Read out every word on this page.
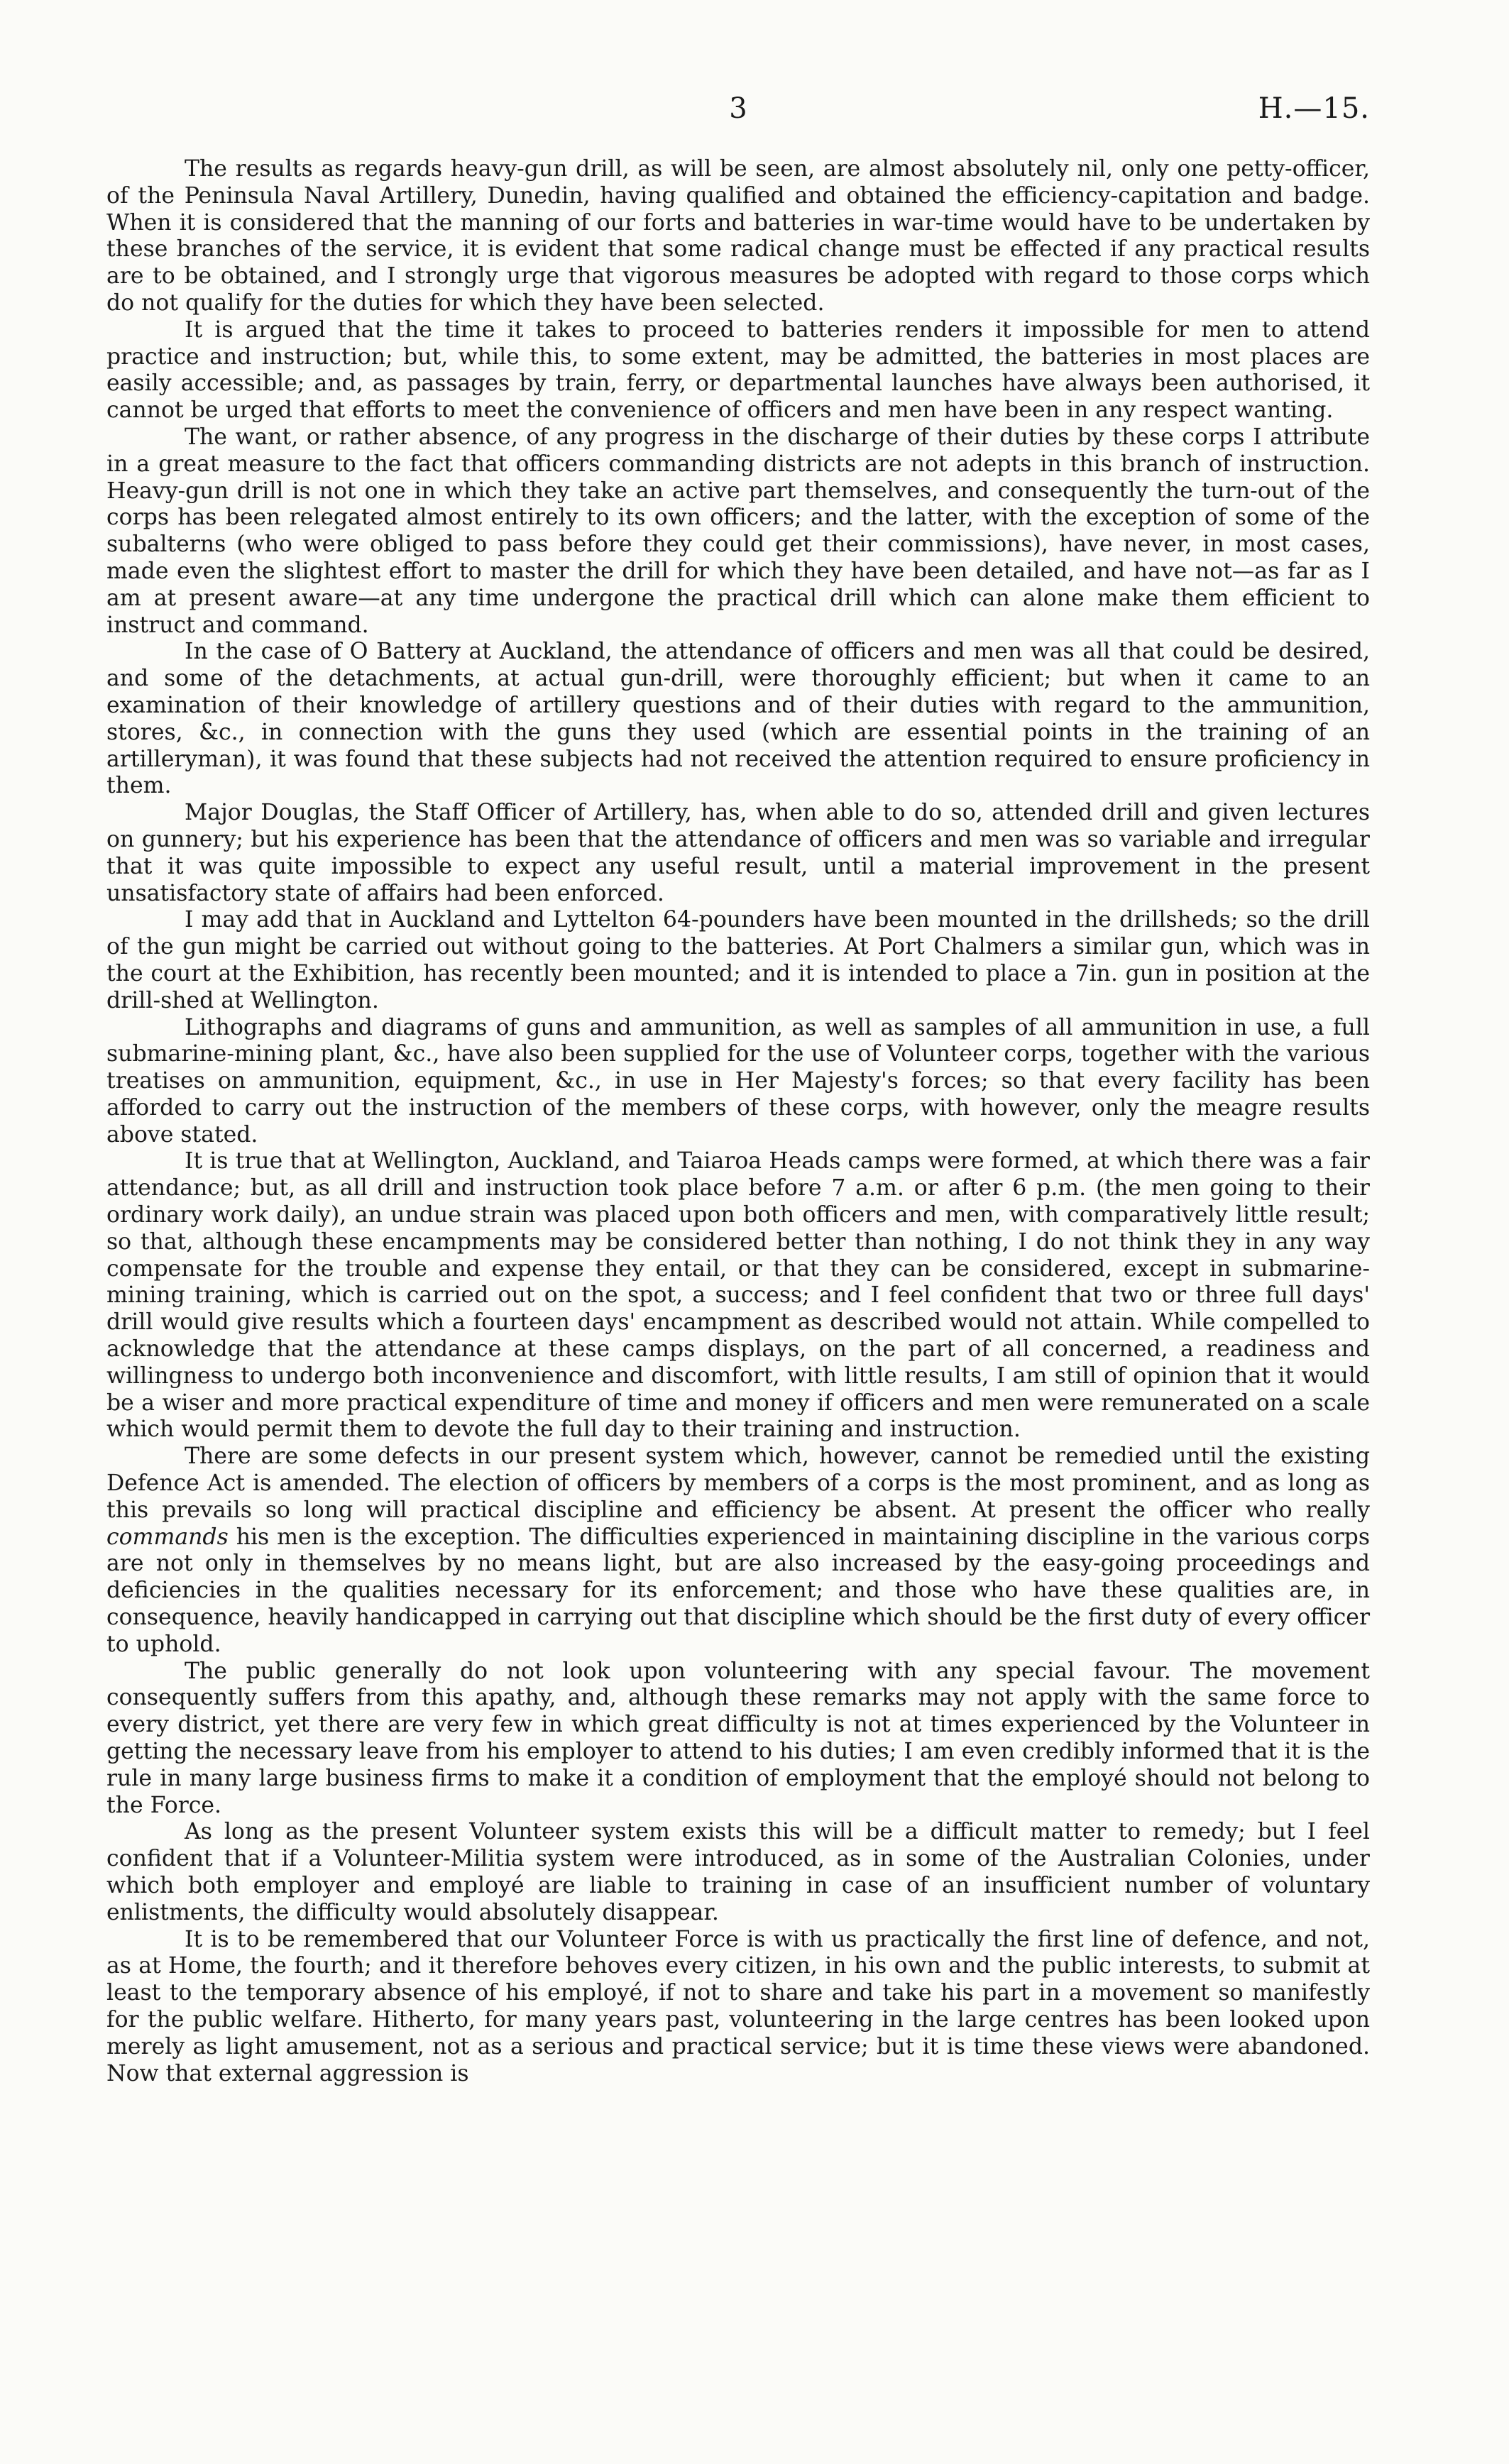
3	H.—15.

The results as regards heavy-gun drill, as will be seen, are almost absolutely nil, only one petty-officer, of the Peninsula Naval Artillery, Dunedin, having qualified and obtained the efficiency-capitation and badge. When it is considered that the manning of our forts and batteries in war-time would have to be undertaken by these branches of the service, it is evident that some radical change must be effected if any practical results are to be obtained, and I strongly urge that vigorous measures be adopted with regard to those corps which do not qualify for the duties for which they have been selected.

It is argued that the time it takes to proceed to batteries renders it impossible for men to attend practice and instruction; but, while this, to some extent, may be admitted, the batteries in most places are easily accessible; and, as passages by train, ferry, or departmental launches have always been authorised, it cannot be urged that efforts to meet the convenience of officers and men have been in any respect wanting.

The want, or rather absence, of any progress in the discharge of their duties by these corps I attribute in a great measure to the fact that officers commanding districts are not adepts in this branch of instruction. Heavy-gun drill is not one in which they take an active part themselves, and consequently the turn-out of the corps has been relegated almost entirely to its own officers; and the latter, with the exception of some of the subalterns (who were obliged to pass before they could get their commissions), have never, in most cases, made even the slightest effort to master the drill for which they have been detailed, and have not—as far as I am at present aware—at any time undergone the practical drill which can alone make them efficient to instruct and command.

In the case of O Battery at Auckland, the attendance of officers and men was all that could be desired, and some of the detachments, at actual gun-drill, were thoroughly efficient; but when it came to an examination of their knowledge of artillery questions and of their duties with regard to the ammunition, stores, &c., in connection with the guns they used (which are essential points in the training of an artilleryman), it was found that these subjects had not received the attention required to ensure proficiency in them.

Major Douglas, the Staff Officer of Artillery, has, when able to do so, attended drill and given lectures on gunnery; but his experience has been that the attendance of officers and men was so variable and irregular that it was quite impossible to expect any useful result, until a material improvement in the present unsatisfactory state of affairs had been enforced.

I may add that in Auckland and Lyttelton 64-pounders have been mounted in the drillsheds; so the drill of the gun might be carried out without going to the batteries. At Port Chalmers a similar gun, which was in the court at the Exhibition, has recently been mounted; and it is intended to place a 7in. gun in position at the drill-shed at Wellington.

Lithographs and diagrams of guns and ammunition, as well as samples of all ammunition in use, a full submarine-mining plant, &c., have also been supplied for the use of Volunteer corps, together with the various treatises on ammunition, equipment, &c., in use in Her Majesty's forces; so that every facility has been afforded to carry out the instruction of the members of these corps, with however, only the meagre results above stated.

It is true that at Wellington, Auckland, and Taiaroa Heads camps were formed, at which there was a fair attendance; but, as all drill and instruction took place before 7 a.m. or after 6 p.m. (the men going to their ordinary work daily), an undue strain was placed upon both officers and men, with comparatively little result; so that, although these encampments may be considered better than nothing, I do not think they in any way compensate for the trouble and expense they entail, or that they can be considered, except in submarine-mining training, which is carried out on the spot, a success; and I feel confident that two or three full days' drill would give results which a fourteen days' encampment as described would not attain. While compelled to acknowledge that the attendance at these camps displays, on the part of all concerned, a readiness and willingness to undergo both inconvenience and discomfort, with little results, I am still of opinion that it would be a wiser and more practical expenditure of time and money if officers and men were remunerated on a scale which would permit them to devote the full day to their training and instruction.

There are some defects in our present system which, however, cannot be remedied until the existing Defence Act is amended. The election of officers by members of a corps is the most prominent, and as long as this prevails so long will practical discipline and efficiency be absent. At present the officer who really commands his men is the exception. The difficulties experienced in maintaining discipline in the various corps are not only in themselves by no means light, but are also increased by the easy-going proceedings and deficiencies in the qualities necessary for its enforcement; and those who have these qualities are, in consequence, heavily handicapped in carrying out that discipline which should be the first duty of every officer to uphold.

The public generally do not look upon volunteering with any special favour. The movement consequently suffers from this apathy, and, although these remarks may not apply with the same force to every district, yet there are very few in which great difficulty is not at times experienced by the Volunteer in getting the necessary leave from his employer to attend to his duties; I am even credibly informed that it is the rule in many large business firms to make it a condition of employment that the employé should not belong to the Force.

As long as the present Volunteer system exists this will be a difficult matter to remedy; but I feel confident that if a Volunteer-Militia system were introduced, as in some of the Australian Colonies, under which both employer and employé are liable to training in case of an insufficient number of voluntary enlistments, the difficulty would absolutely disappear.

It is to be remembered that our Volunteer Force is with us practically the first line of defence, and not, as at Home, the fourth; and it therefore behoves every citizen, in his own and the public interests, to submit at least to the temporary absence of his employé, if not to share and take his part in a movement so manifestly for the public welfare. Hitherto, for many years past, volunteering in the large centres has been looked upon merely as light amusement, not as a serious and practical service; but it is time these views were abandoned. Now that external aggression is
